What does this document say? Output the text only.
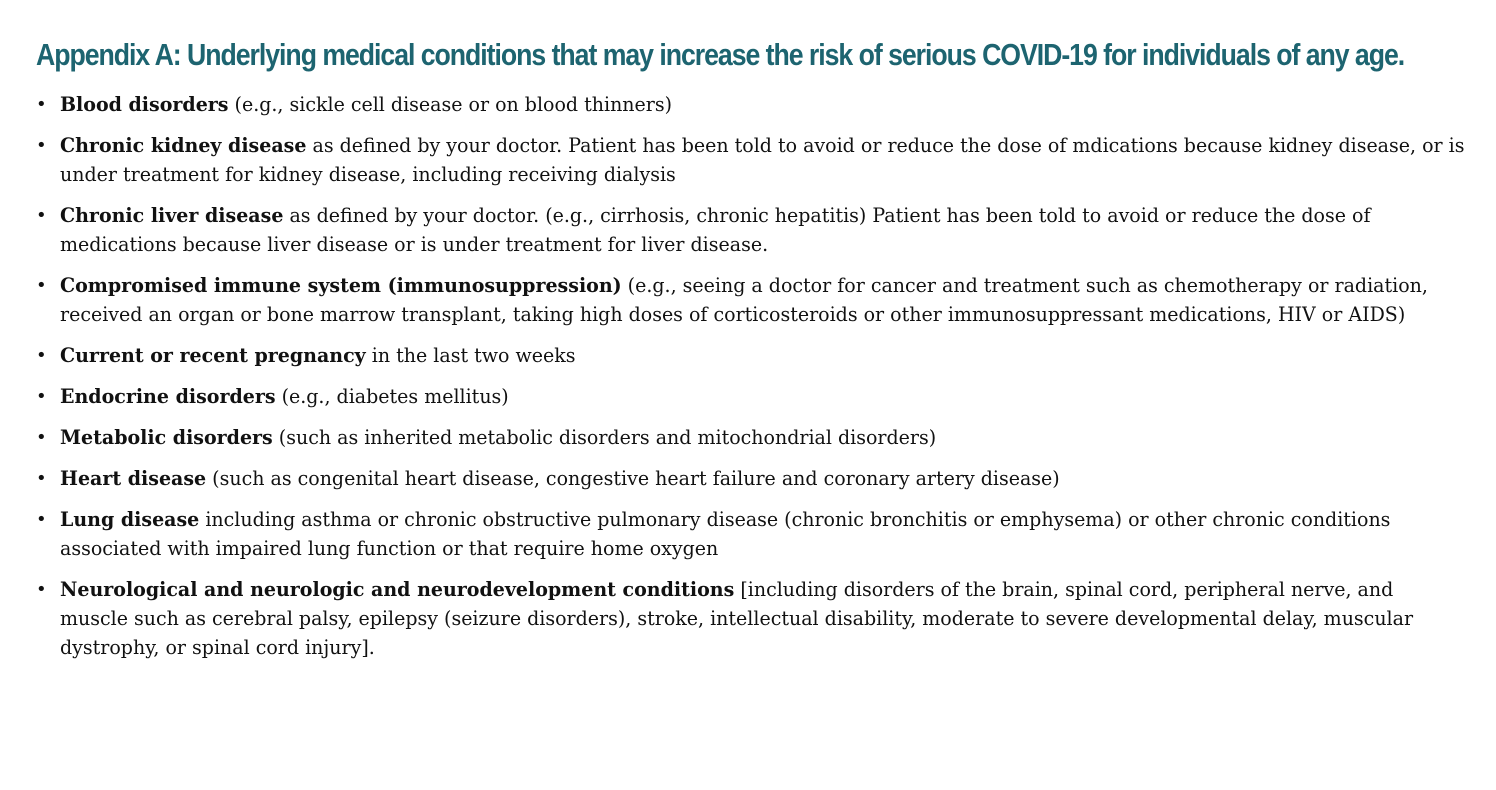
Appendix A: Underlying medical conditions that may increase the risk of serious COVID-19 for individuals of any age.
• Blood disorders (e.g., sickle cell disease or on blood thinners)
• Chronic kidney disease as defined by your doctor. Patient has been told to avoid or reduce the dose of mdications because kidney disease, or is under treatment for kidney disease, including receiving dialysis
• Chronic liver disease as defined by your doctor. (e.g., cirrhosis, chronic hepatitis) Patient has been told to avoid or reduce the dose of medications because liver disease or is under treatment for liver disease.
• Compromised immune system (immunosuppression) (e.g., seeing a doctor for cancer and treatment such as chemotherapy or radiation, received an organ or bone marrow transplant, taking high doses of corticosteroids or other immunosuppressant medications, HIV or AIDS)
• Current or recent pregnancy in the last two weeks
• Endocrine disorders (e.g., diabetes mellitus)
• Metabolic disorders (such as inherited metabolic disorders and mitochondrial disorders)
• Heart disease (such as congenital heart disease, congestive heart failure and coronary artery disease)
• Lung disease including asthma or chronic obstructive pulmonary disease (chronic bronchitis or emphysema) or other chronic conditions associated with impaired lung function or that require home oxygen
• Neurological and neurologic and neurodevelopment conditions [including disorders of the brain, spinal cord, peripheral nerve, and muscle such as cerebral palsy, epilepsy (seizure disorders), stroke, intellectual disability, moderate to severe developmental delay, muscular dystrophy, or spinal cord injury].
